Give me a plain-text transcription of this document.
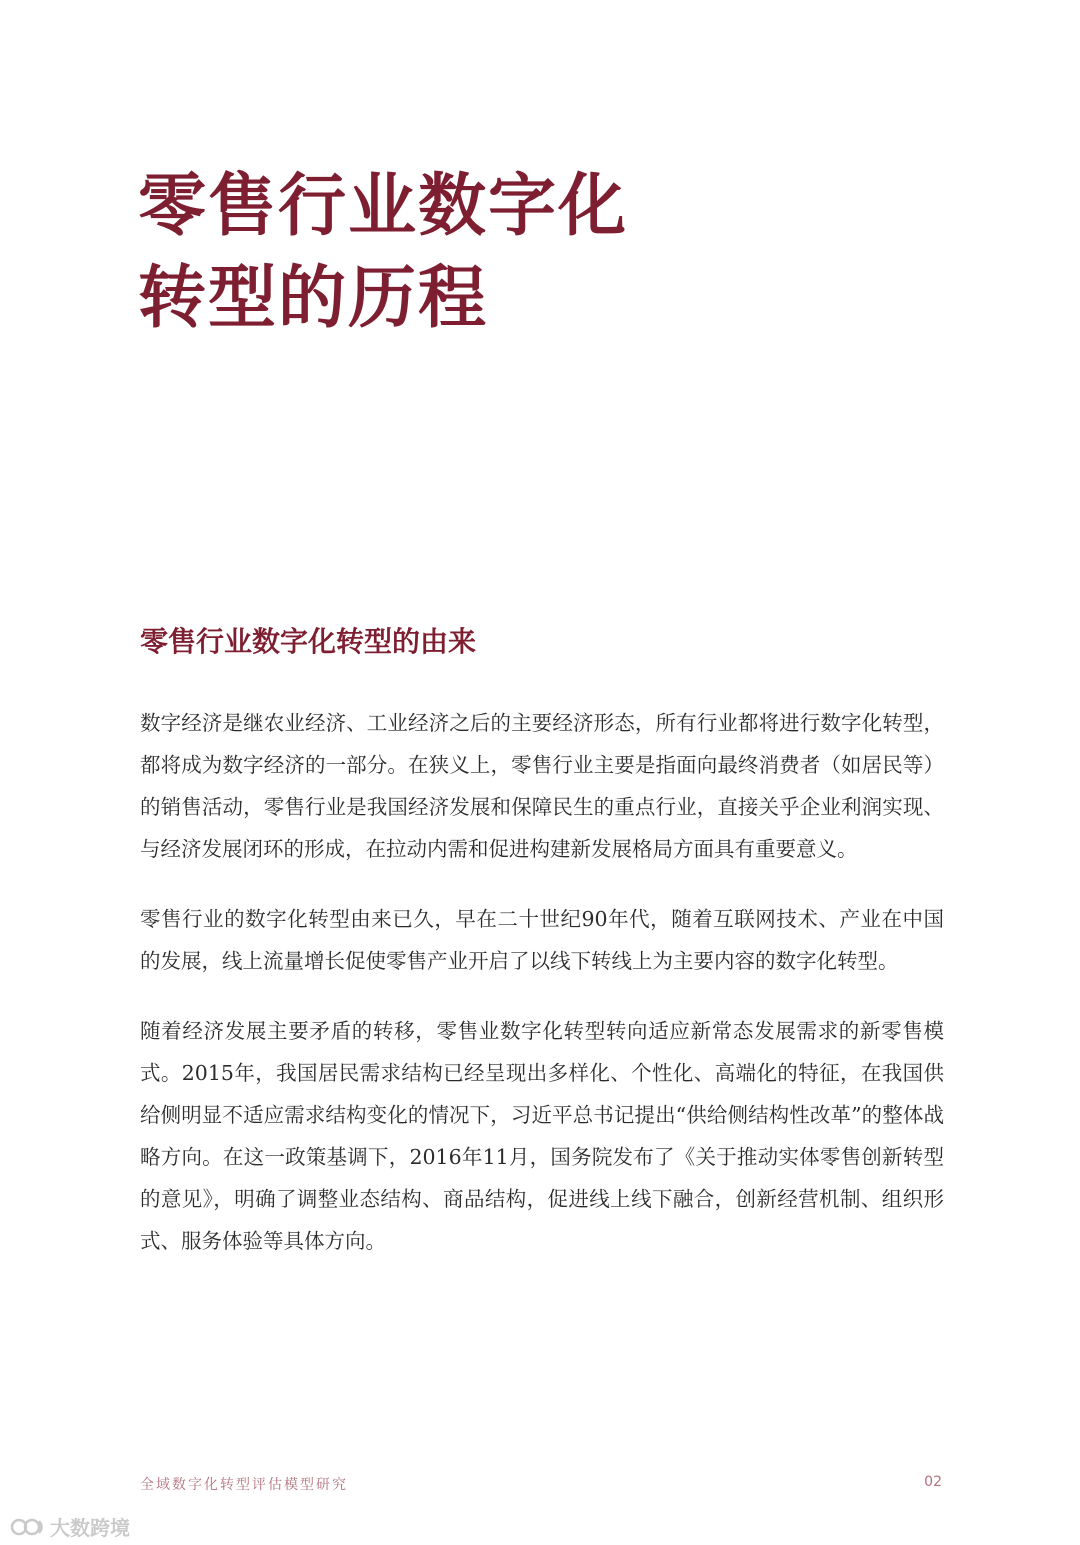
零售行业数字化
转型的历程
零售行业数字化转型的由来

数字经济是继农业经济、工业经济之后的主要经济形态，所有行业都将进行数字化转型，都将成为数字经济的一部分。在狭义上，零售行业主要是指面向最终消费者（如居民等）的销售活动，零售行业是我国经济发展和保障民生的重点行业，直接关乎企业利润实现、与经济发展闭环的形成，在拉动内需和促进构建新发展格局方面具有重要意义。

零售行业的数字化转型由来已久，早在二十世纪90年代，随着互联网技术、产业在中国的发展，线上流量增长促使零售产业开启了以线下转线上为主要内容的数字化转型。

随着经济发展主要矛盾的转移，零售业数字化转型转向适应新常态发展需求的新零售模式。2015年，我国居民需求结构已经呈现出多样化、个性化、高端化的特征，在我国供给侧明显不适应需求结构变化的情况下，习近平总书记提出“供给侧结构性改革”的整体战略方向。在这一政策基调下，2016年11月，国务院发布了《关于推动实体零售创新转型的意见》，明确了调整业态结构、商品结构，促进线上线下融合，创新经营机制、组织形式、服务体验等具体方向。

全域数字化转型评估模型研究	02
大数跨境
